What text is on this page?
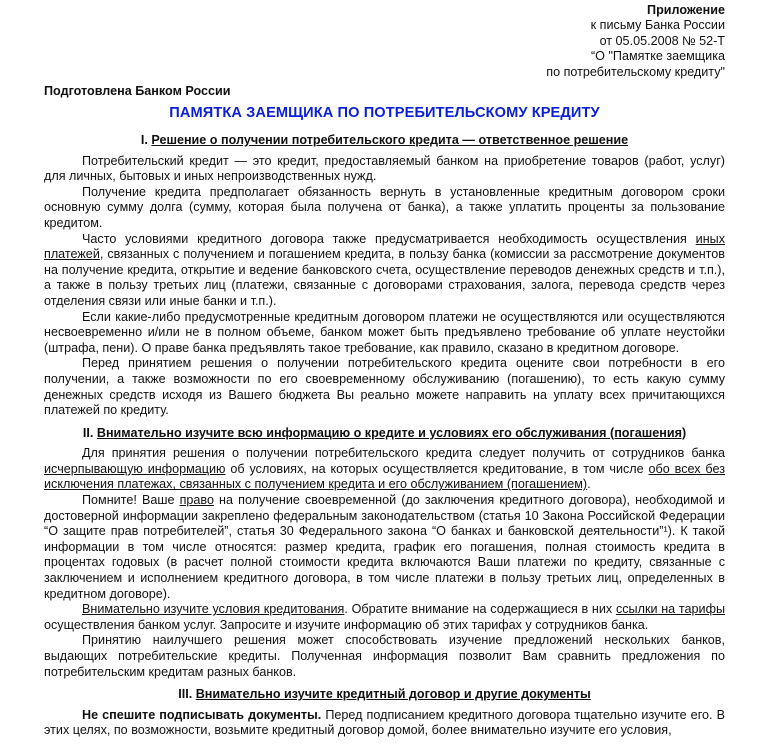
Приложение
к письму Банка России
от 05.05.2008 № 52-Т
“О "Памятке заемщика
по потребительскому кредиту"
Подготовлена Банком России
ПАМЯТКА ЗАЕМЩИКА ПО ПОТРЕБИТЕЛЬСКОМУ КРЕДИТУ
I. Решение о получении потребительского кредита — ответственное решение

Потребительский кредит — это кредит, предоставляемый банком на приобретение товаров (работ, услуг) для личных, бытовых и иных непроизводственных нужд.

Получение кредита предполагает обязанность вернуть в установленные кредитным договором сроки основную сумму долга (сумму, которая была получена от банка), а также уплатить проценты за пользование кредитом.

Часто условиями кредитного договора также предусматривается необходимость осуществления иных платежей, связанных с получением и погашением кредита, в пользу банка (комиссии за рассмотрение документов на получение кредита, открытие и ведение банковского счета, осуществление переводов денежных средств и т.п.), а также в пользу третьих лиц (платежи, связанные с договорами страхования, залога, перевода средств через отделения связи или иные банки и т.п.).

Если какие-либо предусмотренные кредитным договором платежи не осуществляются или осуществляются несвоевременно и/или не в полном объеме, банком может быть предъявлено требование об уплате неустойки (штрафа, пени). О праве банка предъявлять такое требование, как правило, сказано в кредитном договоре.

Перед принятием решения о получении потребительского кредита оцените свои потребности в его получении, а также возможности по его своевременному обслуживанию (погашению), то есть какую сумму денежных средств исходя из Вашего бюджета Вы реально можете направить на уплату всех причитающихся платежей по кредиту.

II. Внимательно изучите всю информацию о кредите и условиях его обслуживания (погашения)

Для принятия решения о получении потребительского кредита следует получить от сотрудников банка исчерпывающую информацию об условиях, на которых осуществляется кредитование, в том числе обо всех без исключения платежах, связанных с получением кредита и его обслуживанием (погашением).

Помните! Ваше право на получение своевременной (до заключения кредитного договора), необходимой и достоверной информации закреплено федеральным законодательством (статья 10 Закона Российской Федерации “О защите прав потребителей”, статья 30 Федерального закона “О банках и банковской деятельности”¹). К такой информации в том числе относятся: размер кредита, график его погашения, полная стоимость кредита в процентах годовых (в расчет полной стоимости кредита включаются Ваши платежи по кредиту, связанные с заключением и исполнением кредитного договора, в том числе платежи в пользу третьих лиц, определенных в кредитном договоре).

Внимательно изучите условия кредитования. Обратите внимание на содержащиеся в них ссылки на тарифы осуществления банком услуг. Запросите и изучите информацию об этих тарифах у сотрудников банка.

Принятию наилучшего решения может способствовать изучение предложений нескольких банков, выдающих потребительские кредиты. Полученная информация позволит Вам сравнить предложения по потребительским кредитам разных банков.

III. Внимательно изучите кредитный договор и другие документы

Не спешите подписывать документы. Перед подписанием кредитного договора тщательно изучите его. В этих целях, по возможности, возьмите кредитный договор домой, более внимательно изучите его условия,
